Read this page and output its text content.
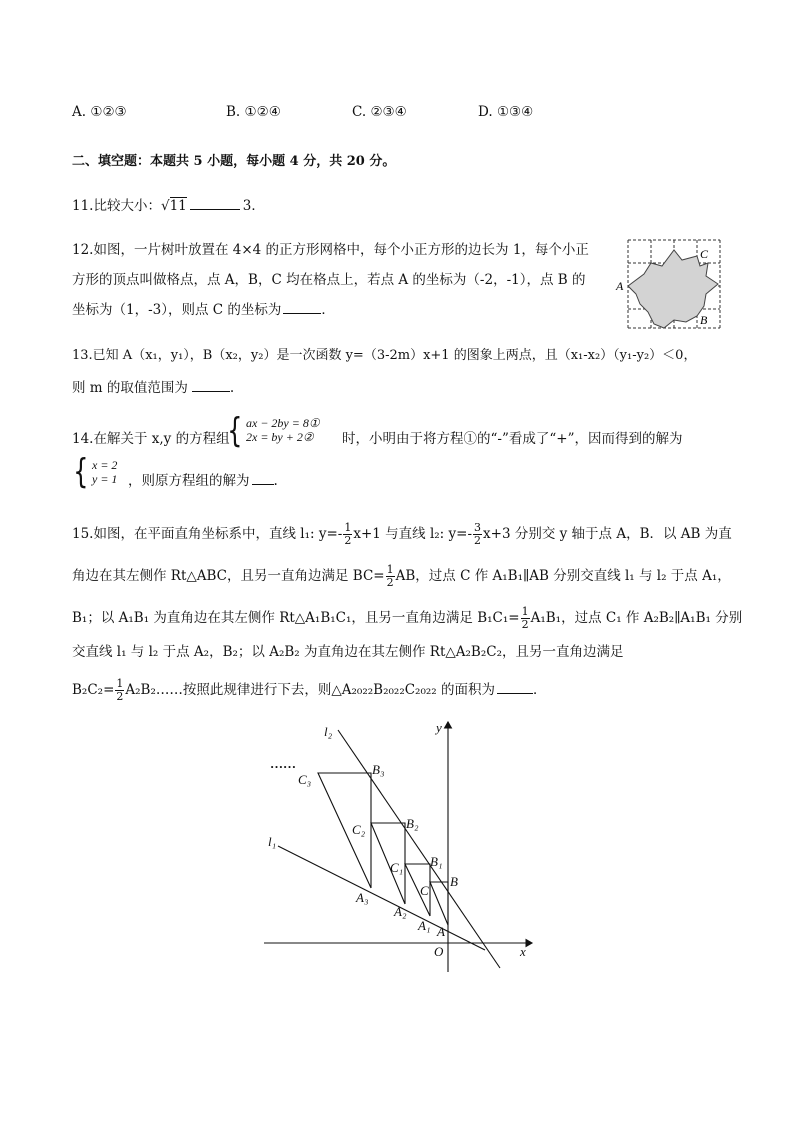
A. ①②③	B. ①②④	C. ②③④	D. ①③④
二、填空题：本题共 5 小题，每小题 4 分，共 20 分。
11.比较大小：√11	3．
12.如图，一片树叶放置在 4×4 的正方形网格中，每个小正方形的边长为 1，每个小正
方形的顶点叫做格点，点 A，B，C 均在格点上，若点 A 的坐标为（-2，-1），点 B 的
坐标为（1，-3），则点 C 的坐标为	．
A
C
B
13.已知 A（x₁，y₁），B（x₂，y₂）是一次函数 y=（3-2m）x+1 的图象上两点，且（x₁-x₂）（y₁-y₂）＜0，
则 m 的取值范围为	.
14.在解关于 x,y 的方程组
{ ax − 2by = 8①
2x = by + 2②	时，小明由于将方程①的“-”看成了“+”，因而得到的解为
{ x = 2
y = 1 ，则原方程组的解为 .
15.如图，在平面直角坐标系中，直线 l₁: $y=- \frac{1}{2} x+1$ 与直线 l₂: $y=- \frac{3}{2} x+3$ 分别交 y 轴于点 A，B．以 AB 为直
角边在其左侧作 Rt△ABC，且另一直角边满足 $BC= \frac{1}{2}$ AB，过点 C 作 A₁B₁∥AB 分别交直线 l₁ 与 l₂ 于点 A₁，
B₁；以 A₁B₁ 为直角边在其左侧作 Rt△A₁B₁C₁，且另一直角边满足 $B_1C_1= \frac{1}{2} A_1B_1$，过点 C₁ 作 A₂B₂∥A₁B₁ 分别
交直线 l₁ 与 l₂ 于点 A₂，B₂；以 A₂B₂ 为直角边在其左侧作 Rt△A₂B₂C₂，且另一直角边满足
$B_2C_2= \frac{1}{2}$ A₂B₂……按照此规律进行下去，则△A₂₀₂₂B₂₀₂₂C₂₀₂₂ 的面积为	．
l₂
l₁
y
x
O
……
B
C
A
B₁
C₁
A₁
B₂
C₂
A₂
B₃
C₃
A₃
